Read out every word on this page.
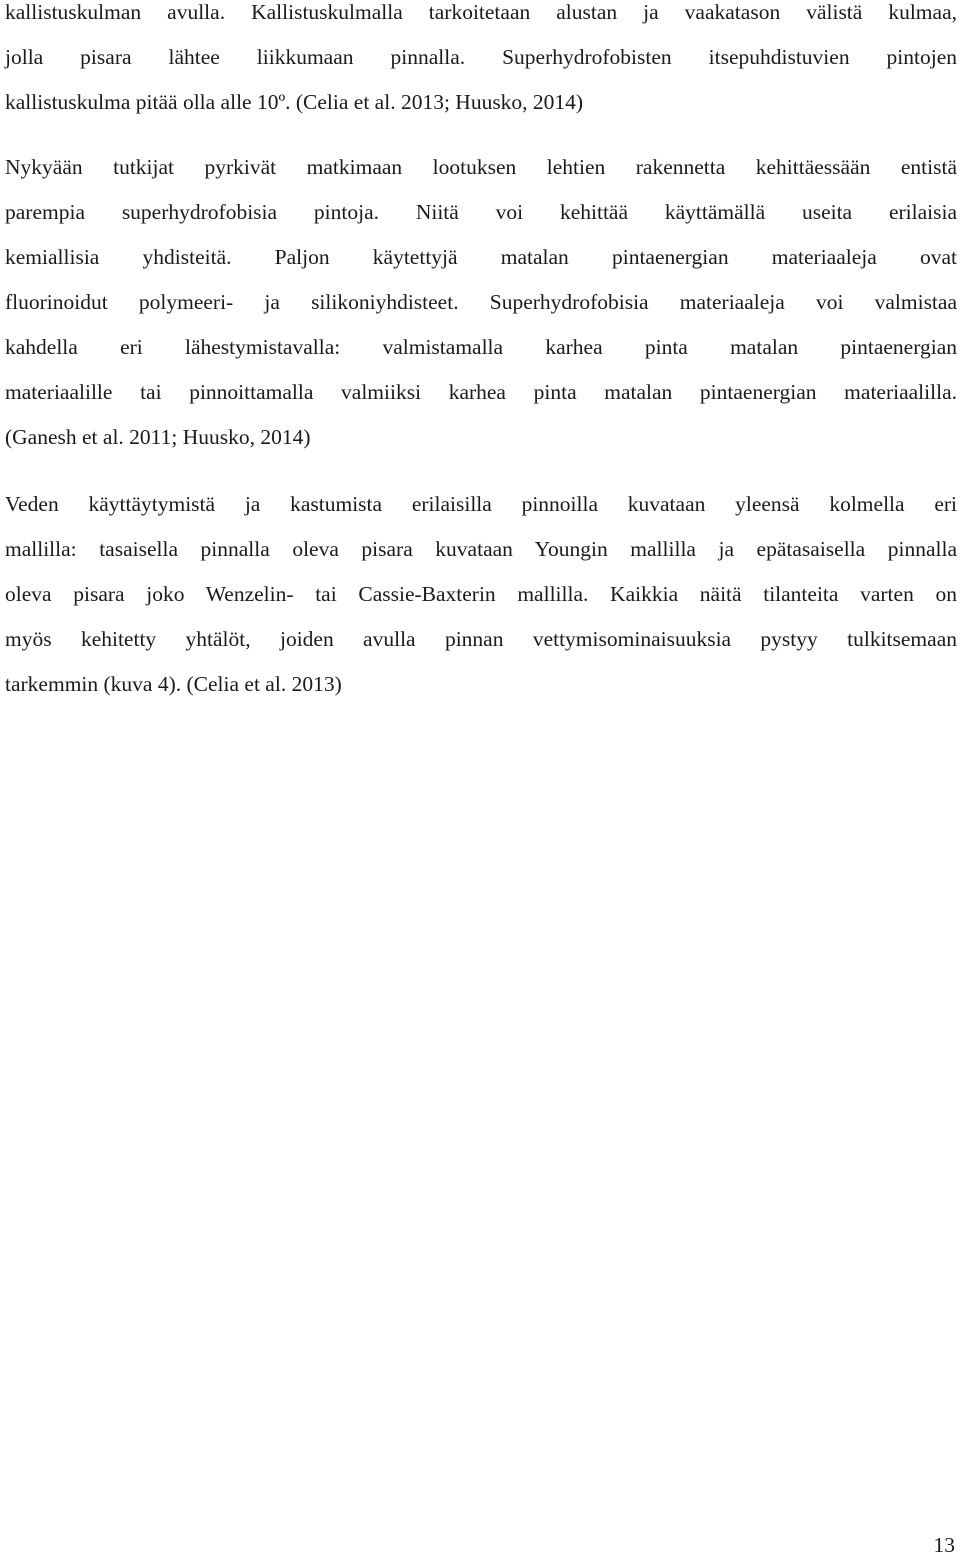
kallistuskulman avulla. Kallistuskulmalla tarkoitetaan alustan ja vaakatason välistä kulmaa,
jolla pisara lähtee liikkumaan pinnalla. Superhydrofobisten itsepuhdistuvien pintojen
kallistuskulma pitää olla alle 10º. (Celia et al. 2013; Huusko, 2014)
Nykyään tutkijat pyrkivät matkimaan lootuksen lehtien rakennetta kehittäessään entistä
parempia superhydrofobisia pintoja. Niitä voi kehittää käyttämällä useita erilaisia
kemiallisia yhdisteitä. Paljon käytettyjä matalan pintaenergian materiaaleja ovat
fluorinoidut polymeeri- ja silikoniyhdisteet. Superhydrofobisia materiaaleja voi valmistaa
kahdella eri lähestymistavalla: valmistamalla karhea pinta matalan pintaenergian
materiaalille tai pinnoittamalla valmiiksi karhea pinta matalan pintaenergian materiaalilla.
(Ganesh et al. 2011; Huusko, 2014)
Veden käyttäytymistä ja kastumista erilaisilla pinnoilla kuvataan yleensä kolmella eri
mallilla: tasaisella pinnalla oleva pisara kuvataan Youngin mallilla ja epätasaisella pinnalla
oleva pisara joko Wenzelin- tai Cassie-Baxterin mallilla. Kaikkia näitä tilanteita varten on
myös kehitetty yhtälöt, joiden avulla pinnan vettymisominaisuuksia pystyy tulkitsemaan
tarkemmin (kuva 4). (Celia et al. 2013)

13
